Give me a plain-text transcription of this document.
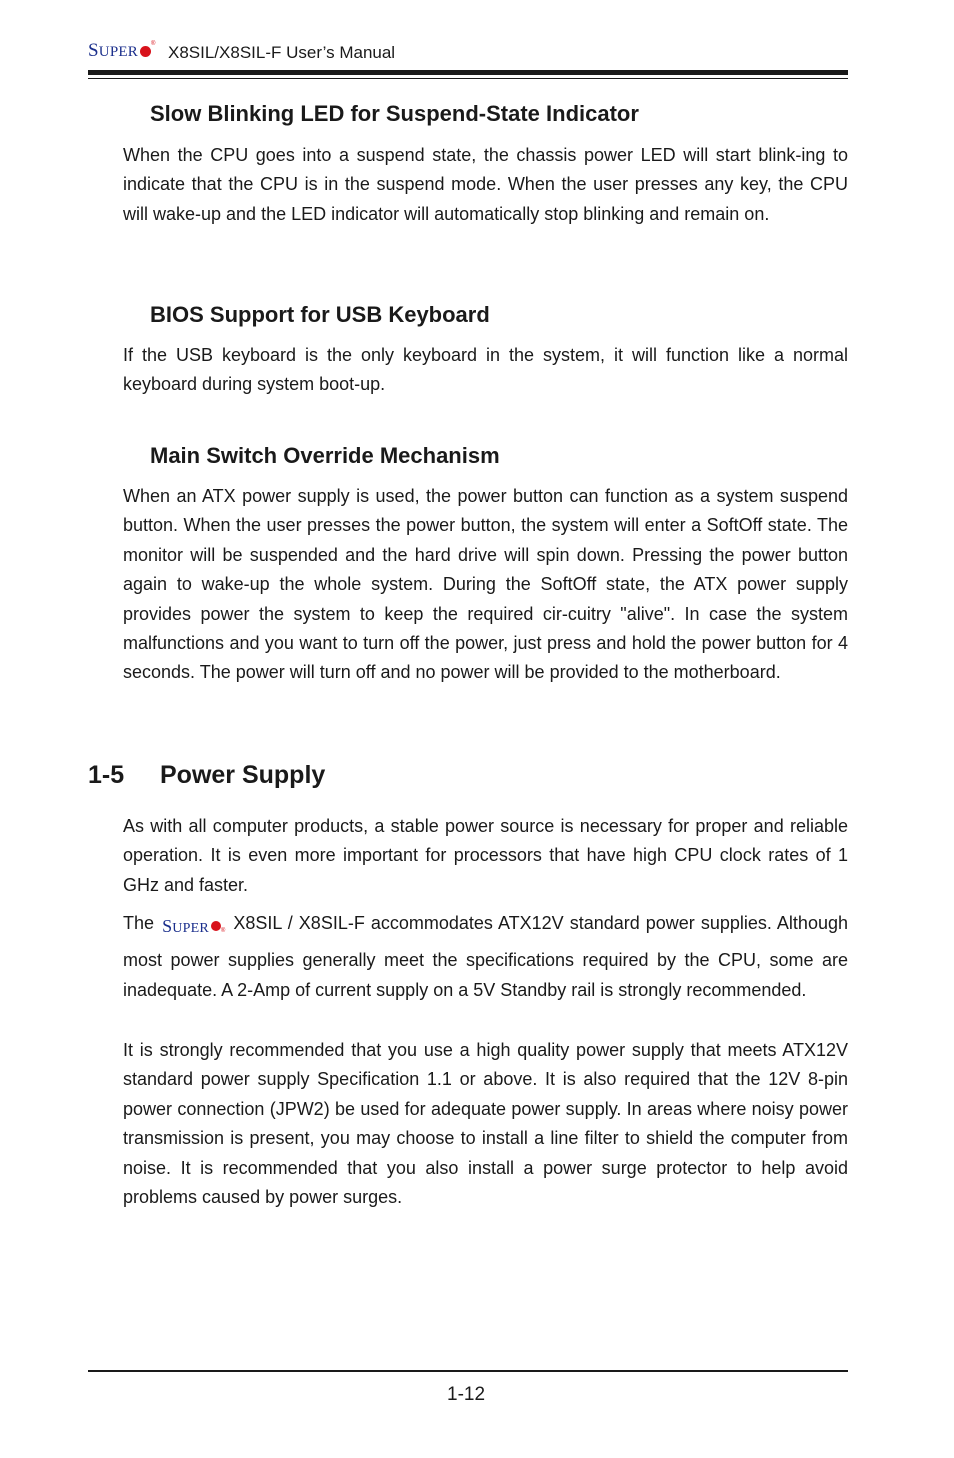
SUPER ® X8SIL/X8SIL-F User’s Manual
Slow Blinking LED for Suspend-State Indicator

When the CPU goes into a suspend state, the chassis power LED will start blink-ing to indicate that the CPU is in the suspend mode. When the user presses any key, the CPU will wake-up and the LED indicator will automatically stop blinking and remain on.

BIOS Support for USB Keyboard

If the USB keyboard is the only keyboard in the system, it will function like a normal keyboard during system boot-up.

Main Switch Override Mechanism

When an ATX power supply is used, the power button can function as a system suspend button. When the user presses the power button, the system will enter a SoftOff state. The monitor will be suspended and the hard drive will spin down. Pressing the power button again to wake-up the whole system. During the SoftOff state, the ATX power supply provides power the system to keep the required cir-cuitry "alive". In case the system malfunctions and you want to turn off the power, just press and hold the power button for 4 seconds. The power will turn off and no power will be provided to the motherboard.

1-5 Power Supply

As with all computer products, a stable power source is necessary for proper and reliable operation. It is even more important for processors that have high CPU clock rates of 1 GHz and faster.

The SUPER ® X8SIL / X8SIL-F accommodates ATX12V standard power supplies. Although most power supplies generally meet the specifications required by the CPU, some are inadequate. A 2-Amp of current supply on a 5V Standby rail is strongly recommended.

It is strongly recommended that you use a high quality power supply that meets ATX12V standard power supply Specification 1.1 or above. It is also required that the 12V 8-pin power connection (JPW2) be used for adequate power supply. In areas where noisy power transmission is present, you may choose to install a line filter to shield the computer from noise. It is recommended that you also install a power surge protector to help avoid problems caused by power surges.

1-12
